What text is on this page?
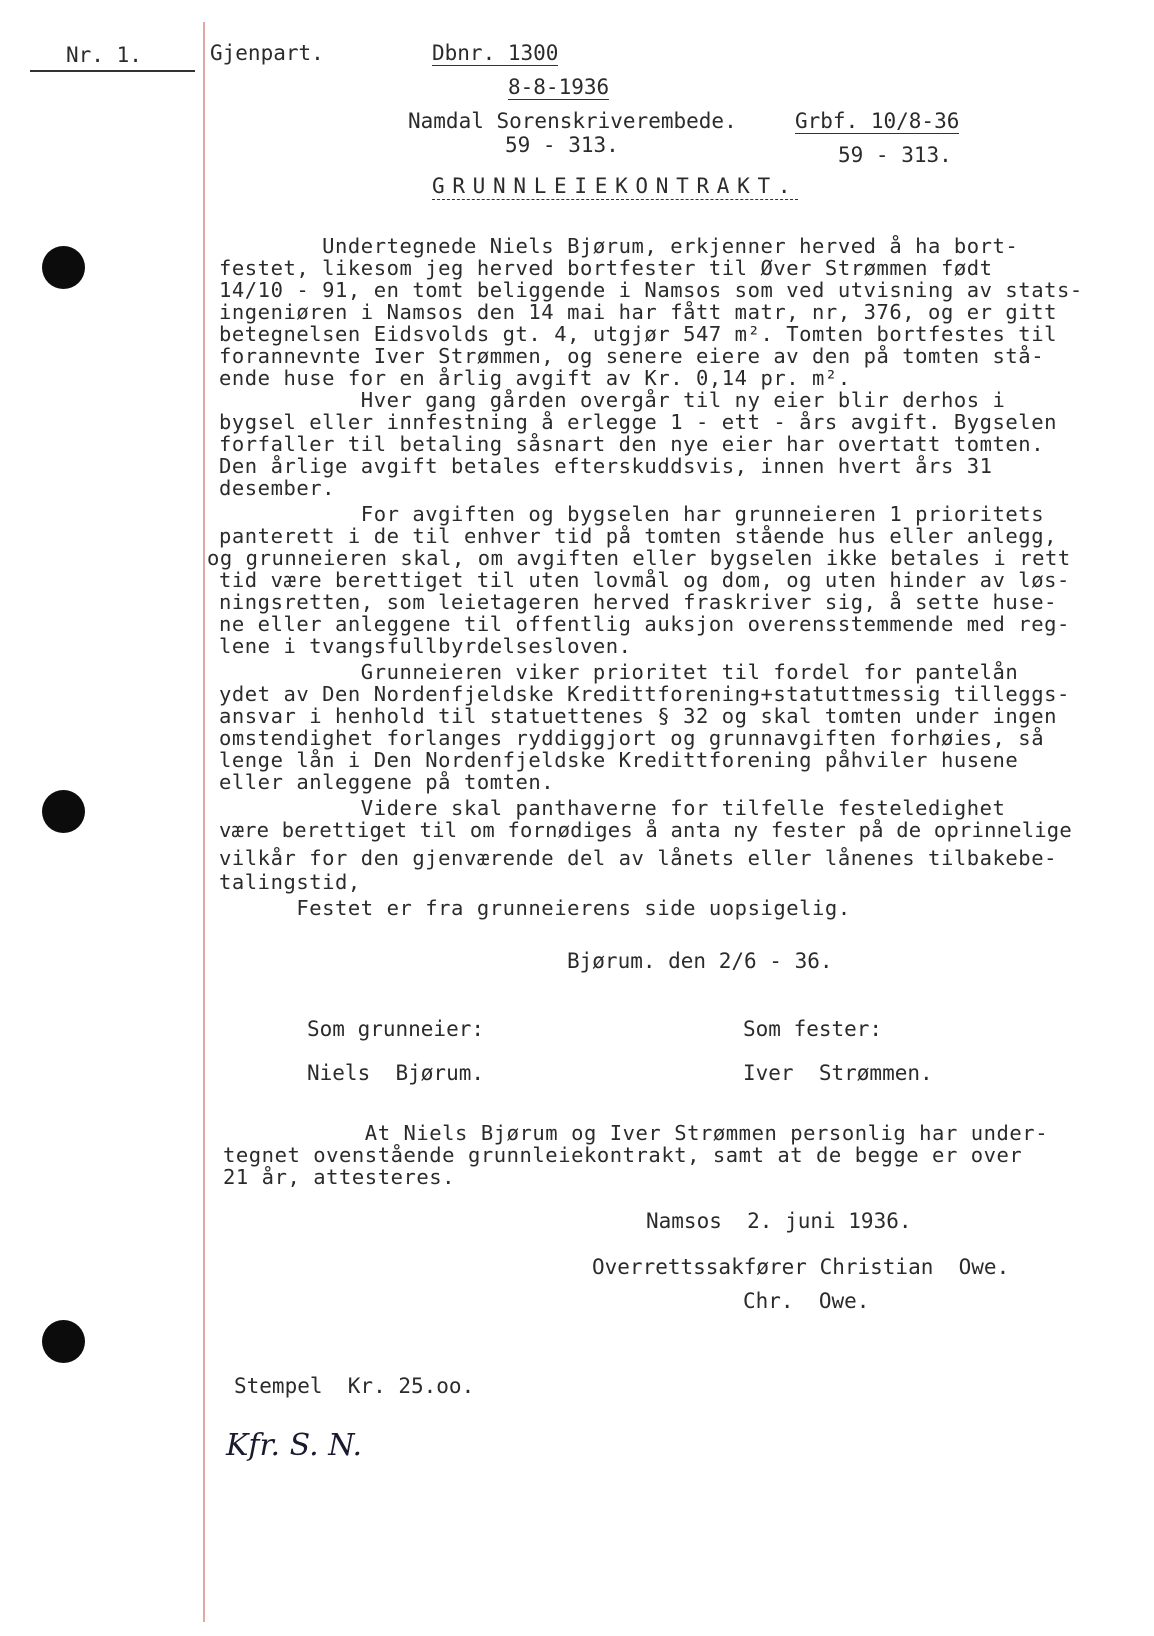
Nr. 1.	Gjenpart.	Dbnr. 1300
8-8-1936
Namdal Sorenskriverembede.
59 - 313.
Grbf. 10/8-36
59 - 313.
GRUNNLEIEKONTRAKT.
Undertegnede Niels Bjørum, erkjenner herved å ha bort-
festet, likesom jeg herved bortfester til Øver Strømmen født
14/10 - 91, en tomt beliggende i Namsos som ved utvisning av stats-
ingeniøren i Namsos den 14 mai har fått matr, nr, 376, og er gitt
betegnelsen Eidsvolds gt. 4, utgjør 547 m². Tomten bortfestes til
forannevnte Iver Strømmen, og senere eiere av den på tomten stå-
ende huse for en årlig avgift av Kr. 0,14 pr. m².
Hver gang gården overgår til ny eier blir derhos i
bygsel eller innfestning å erlegge 1 - ett - års avgift. Bygselen
forfaller til betaling såsnart den nye eier har overtatt tomten.
Den årlige avgift betales efterskuddsvis, innen hvert års 31
desember.
For avgiften og bygselen har grunneieren 1 prioritets
panterett i de til enhver tid på tomten stående hus eller anlegg,
og grunneieren skal, om avgiften eller bygselen ikke betales i rett
tid være berettiget til uten lovmål og dom, og uten hinder av løs-
ningsretten, som leietageren herved fraskriver sig, å sette huse-
ne eller anleggene til offentlig auksjon overensstemmende med reg-
lene i tvangsfullbyrdelsesloven.
Grunneieren viker prioritet til fordel for pantelån
ydet av Den Nordenfjeldske Kredittforening+statuttmessig tilleggs-
ansvar i henhold til statuettenes § 32 og skal tomten under ingen
omstendighet forlanges ryddiggjort og grunnavgiften forhøies, så
lenge lån i Den Nordenfjeldske Kredittforening påhviler husene
eller anleggene på tomten.
Videre skal panthaverne for tilfelle festeledighet
være berettiget til om fornødiges å anta ny fester på de oprinnelige
vilkår for den gjenværende del av lånets eller lånenes tilbakebe-
talingstid,
Festet er fra grunneierens side uopsigelig.
Bjørum. den 2/6 - 36.
Som grunneier:
Niels  Bjørum.
Som fester:
Iver  Strømmen.
At Niels Bjørum og Iver Strømmen personlig har under-
tegnet ovenstående grunnleiekontrakt, samt at de begge er over
21 år, attesteres.
Namsos  2. juni 1936.
Overrettssakfører Christian  Owe.
Chr.  Owe.
Stempel  Kr. 25.oo.
Kfr. S. N.
